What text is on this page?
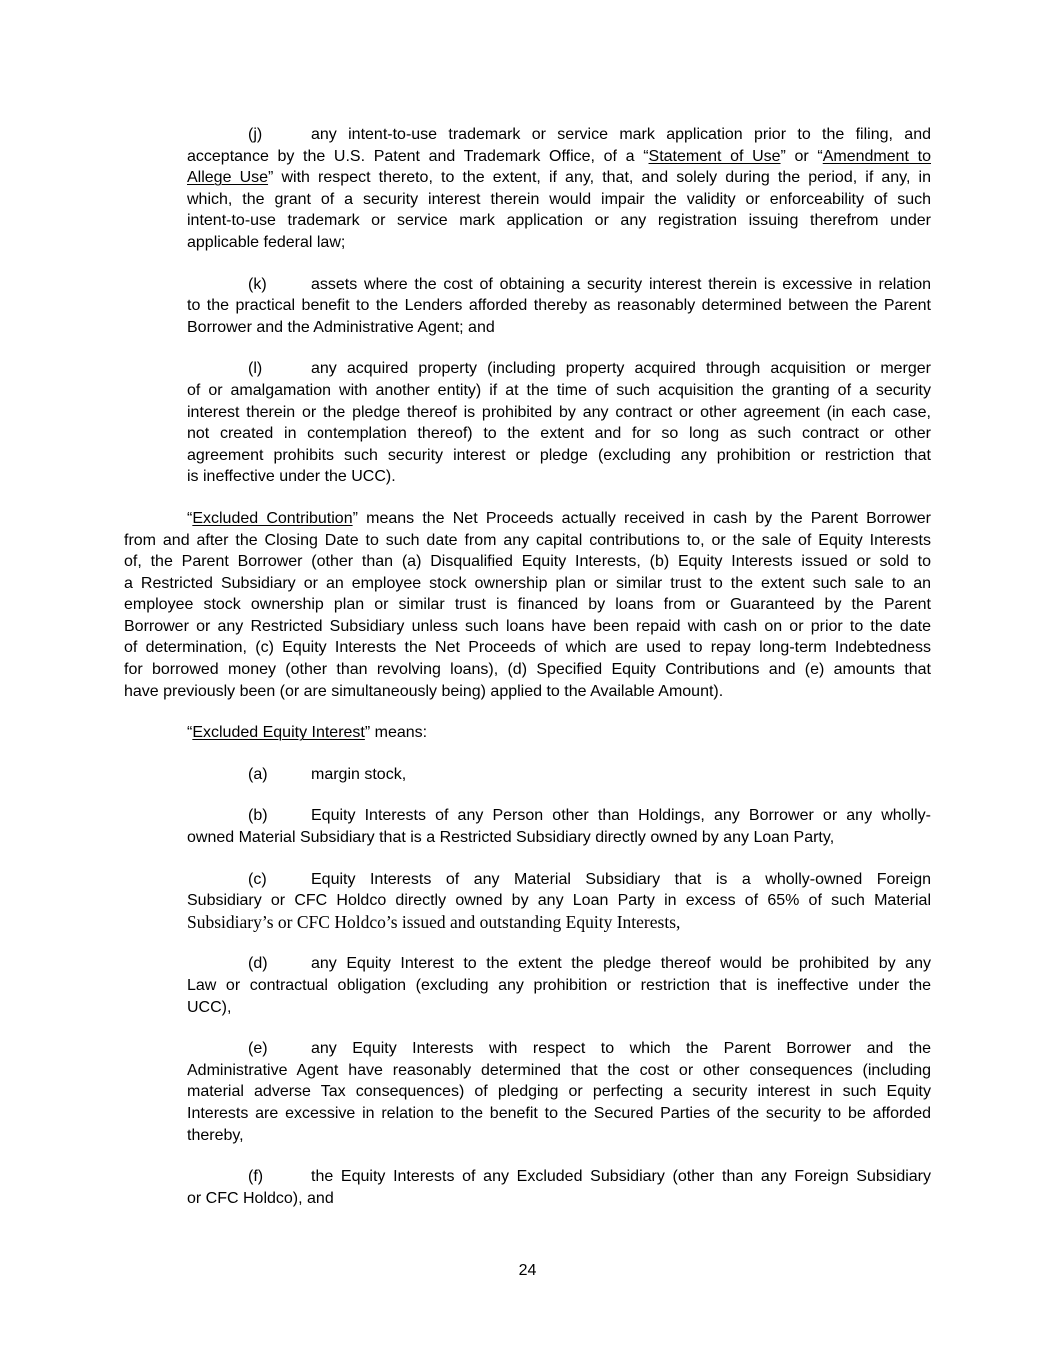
(j)	any intent-to-use trademark or service mark application prior to the filing, and
acceptance by the U.S. Patent and Trademark Office, of a “Statement of Use” or “Amendment to
Allege Use” with respect thereto, to the extent, if any, that, and solely during the period, if any, in
which, the grant of a security interest therein would impair the validity or enforceability of such
intent-to-use trademark or service mark application or any registration issuing therefrom under
applicable federal law;
(k)	assets where the cost of obtaining a security interest therein is excessive in relation
to the practical benefit to the Lenders afforded thereby as reasonably determined between the Parent
Borrower and the Administrative Agent; and
(l)	any acquired property (including property acquired through acquisition or merger
of or amalgamation with another entity) if at the time of such acquisition the granting of a security
interest therein or the pledge thereof is prohibited by any contract or other agreement (in each case,
not created in contemplation thereof) to the extent and for so long as such contract or other
agreement prohibits such security interest or pledge (excluding any prohibition or restriction that
is ineffective under the UCC).
“Excluded Contribution” means the Net Proceeds actually received in cash by the Parent Borrower
from and after the Closing Date to such date from any capital contributions to, or the sale of Equity Interests
of, the Parent Borrower (other than (a) Disqualified Equity Interests, (b) Equity Interests issued or sold to
a Restricted Subsidiary or an employee stock ownership plan or similar trust to the extent such sale to an
employee stock ownership plan or similar trust is financed by loans from or Guaranteed by the Parent
Borrower or any Restricted Subsidiary unless such loans have been repaid with cash on or prior to the date
of determination, (c) Equity Interests the Net Proceeds of which are used to repay long-term Indebtedness
for borrowed money (other than revolving loans), (d) Specified Equity Contributions and (e) amounts that
have previously been (or are simultaneously being) applied to the Available Amount).
“Excluded Equity Interest” means:
(a)	margin stock,
(b)	Equity Interests of any Person other than Holdings, any Borrower or any wholly-
owned Material Subsidiary that is a Restricted Subsidiary directly owned by any Loan Party,
(c)	Equity Interests of any Material Subsidiary that is a wholly-owned Foreign
Subsidiary or CFC Holdco directly owned by any Loan Party in excess of 65% of such Material
Subsidiary’s or CFC Holdco’s issued and outstanding Equity Interests,
(d)	any Equity Interest to the extent the pledge thereof would be prohibited by any
Law or contractual obligation (excluding any prohibition or restriction that is ineffective under the
UCC),
(e)	any Equity Interests with respect to which the Parent Borrower and the
Administrative Agent have reasonably determined that the cost or other consequences (including
material adverse Tax consequences) of pledging or perfecting a security interest in such Equity
Interests are excessive in relation to the benefit to the Secured Parties of the security to be afforded
thereby,
(f)	the Equity Interests of any Excluded Subsidiary (other than any Foreign Subsidiary
or CFC Holdco), and
24
